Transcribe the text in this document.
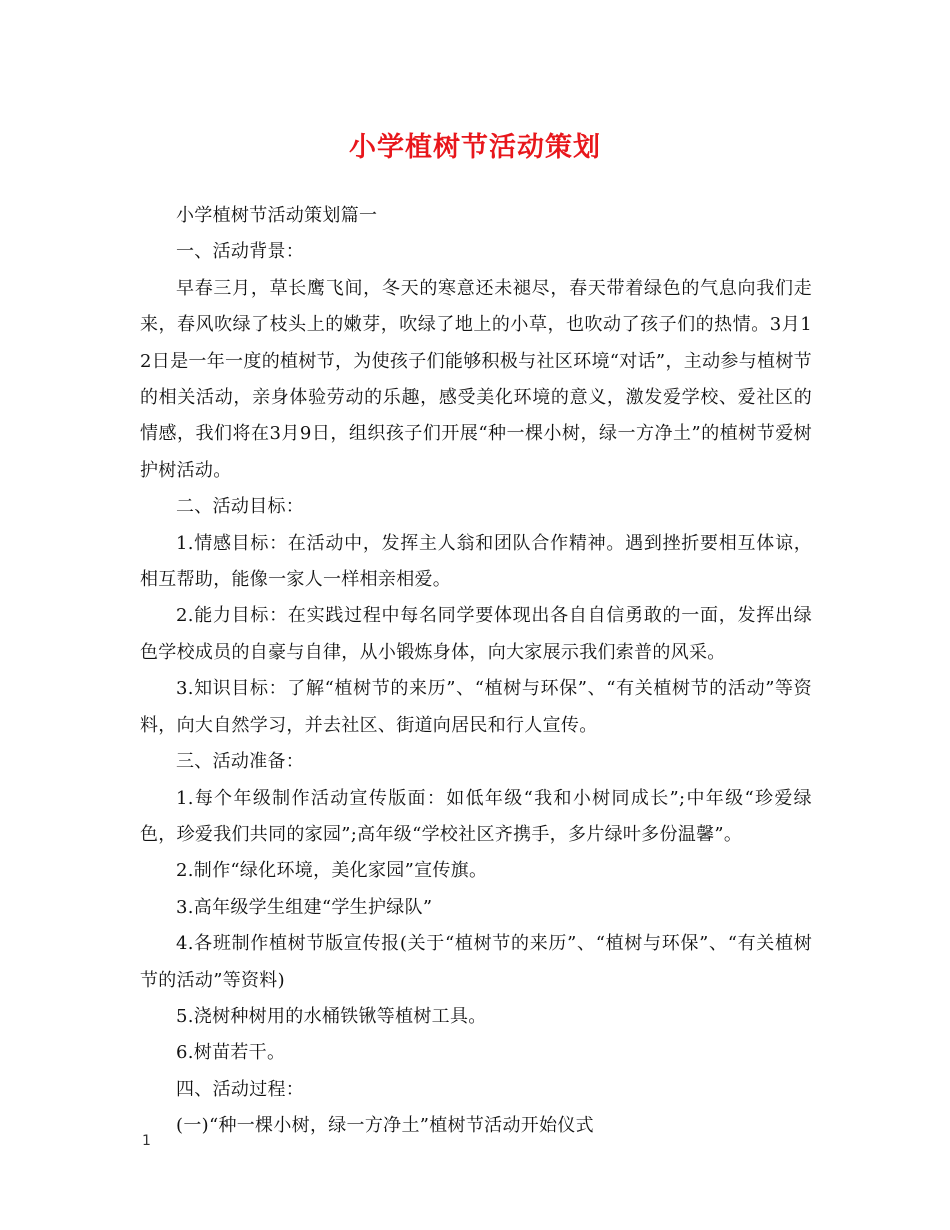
小学植树节活动策划

小学植树节活动策划篇一

一、活动背景：

早春三月，草长鹰飞间，冬天的寒意还未褪尽，春天带着绿色的气息向我们走来，春风吹绿了枝头上的嫩芽，吹绿了地上的小草，也吹动了孩子们的热情。3月12日是一年一度的植树节，为使孩子们能够积极与社区环境“对话”，主动参与植树节的相关活动，亲身体验劳动的乐趣，感受美化环境的意义，激发爱学校、爱社区的情感，我们将在3月9日，组织孩子们开展“种一棵小树，绿一方净土”的植树节爱树护树活动。

二、活动目标：

1.情感目标：在活动中，发挥主人翁和团队合作精神。遇到挫折要相互体谅，相互帮助，能像一家人一样相亲相爱。

2.能力目标：在实践过程中每名同学要体现出各自自信勇敢的一面，发挥出绿色学校成员的自豪与自律，从小锻炼身体，向大家展示我们索普的风采。

3.知识目标：了解“植树节的来历”、“植树与环保”、“有关植树节的活动”等资料，向大自然学习，并去社区、街道向居民和行人宣传。

三、活动准备：

1.每个年级制作活动宣传版面：如低年级“我和小树同成长”;中年级“珍爱绿色，珍爱我们共同的家园”;高年级“学校社区齐携手，多片绿叶多份温馨”。

2.制作“绿化环境，美化家园”宣传旗。

3.高年级学生组建“学生护绿队”

4.各班制作植树节版宣传报(关于“植树节的来历”、“植树与环保”、“有关植树节的活动”等资料)

5.浇树种树用的水桶铁锹等植树工具。

6.树苗若干。

四、活动过程：

(一)“种一棵小树，绿一方净土”植树节活动开始仪式

1
